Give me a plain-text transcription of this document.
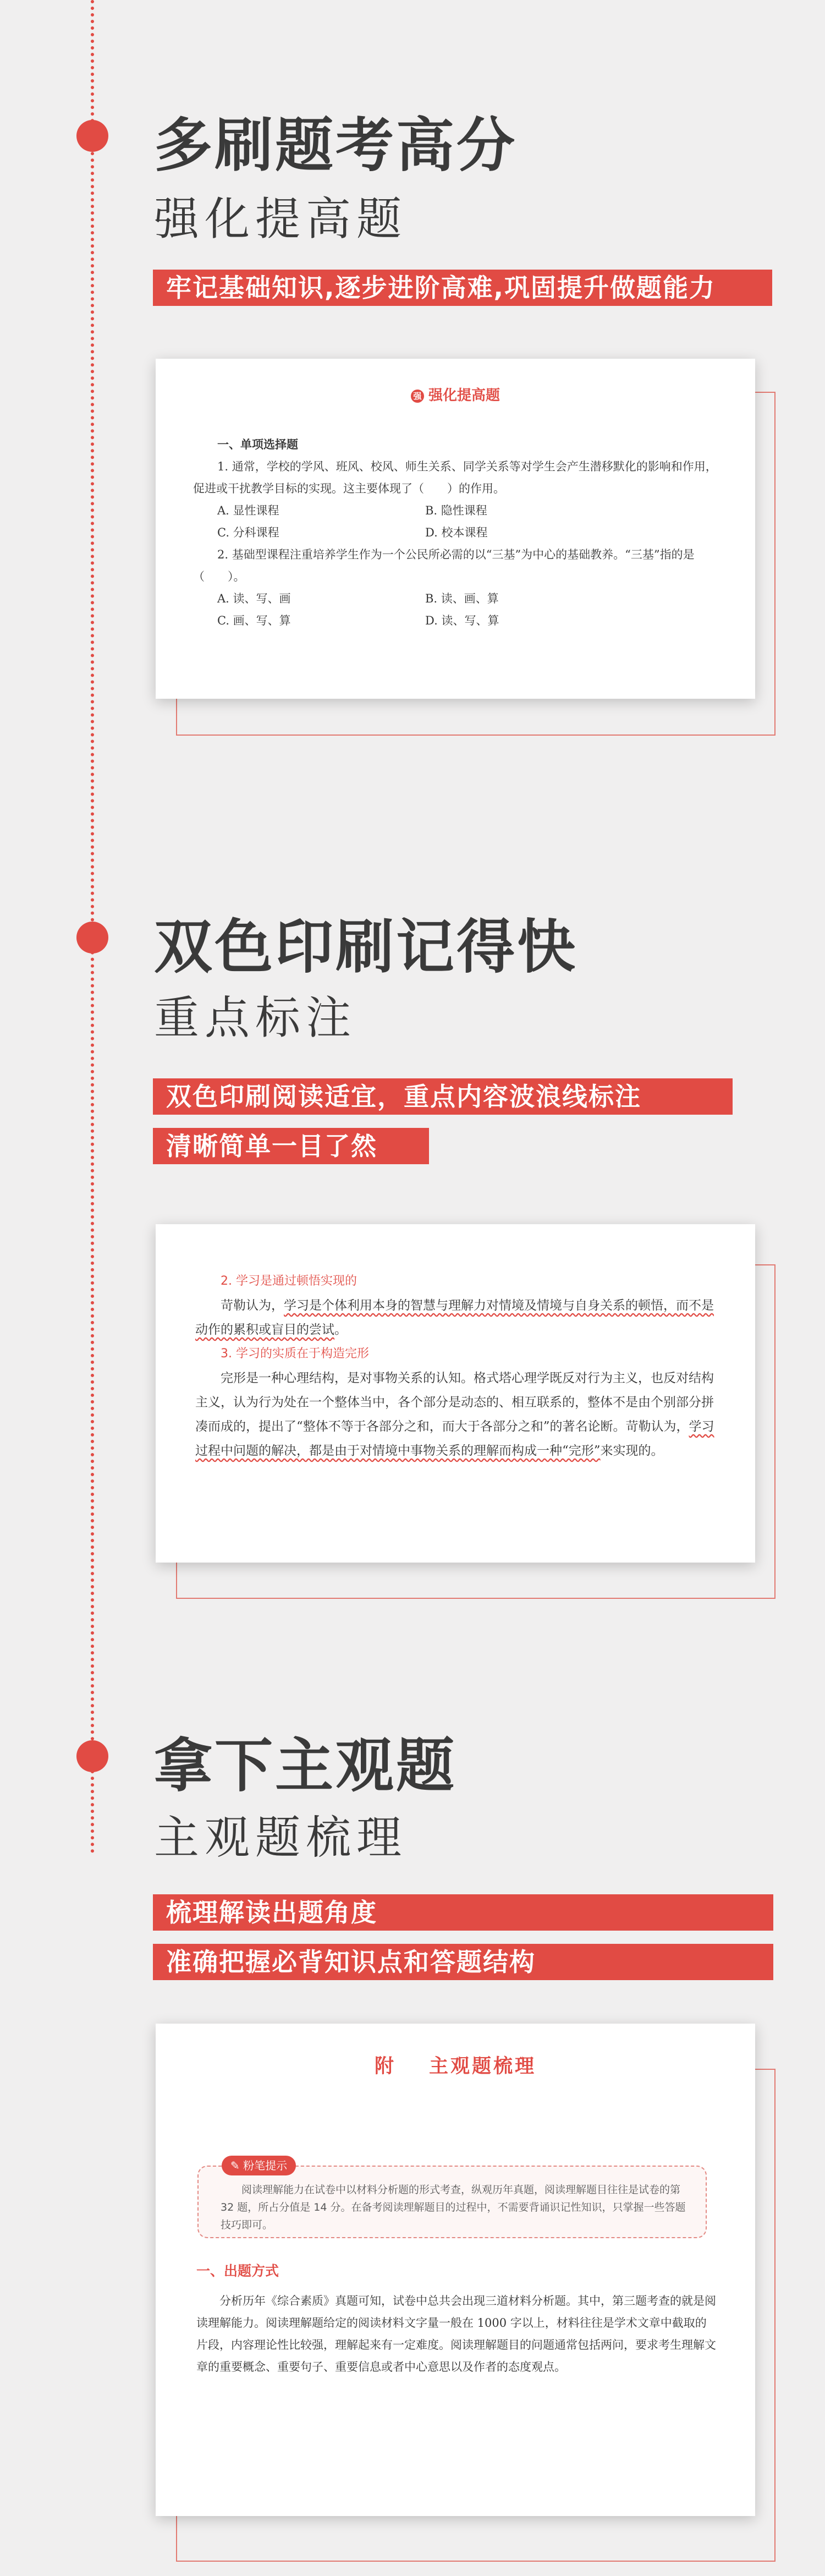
多刷题考高分
强化提高题
牢记基础知识,逐步进阶高难,巩固提升做题能力
强 强化提高题
一、单项选择题

1. 通常，学校的学风、班风、校风、师生关系、同学关系等对学生会产生潜移默化的影响和作用，促进或干扰教学目标的实现。这主要体现了（　　）的作用。

A. 显性课程	B. 隐性课程
C. 分科课程	D. 校本课程

2. 基础型课程注重培养学生作为一个公民所必需的以“三基”为中心的基础教养。“三基”指的是（　　）。

A. 读、写、画	B. 读、画、算
C. 画、写、算	D. 读、写、算
双色印刷记得快
重点标注
双色印刷阅读适宜，重点内容波浪线标注
清晰简单一目了然
2. 学习是通过顿悟实现的

苛勒认为，学习是个体利用本身的智慧与理解力对情境及情境与自身关系的顿悟，而不是动作的累积或盲目的尝试。

3. 学习的实质在于构造完形

完形是一种心理结构，是对事物关系的认知。格式塔心理学既反对行为主义，也反对结构主义，认为行为处在一个整体当中，各个部分是动态的、相互联系的，整体不是由个别部分拼凑而成的，提出了“整体不等于各部分之和，而大于各部分之和”的著名论断。苛勒认为，学习过程中问题的解决，都是由于对情境中事物关系的理解而构成一种“完形”来实现的。

拿下主观题
主观题梳理
梳理解读出题角度
准确把握必背知识点和答题结构
附 主观题梳理
✎ 粉笔提示
阅读理解能力在试卷中以材料分析题的形式考查，纵观历年真题，阅读理解题目往往是试卷的第 32 题，所占分值是 14 分。在备考阅读理解题目的过程中，不需要背诵识记性知识，只掌握一些答题技巧即可。
一、出题方式

分析历年《综合素质》真题可知，试卷中总共会出现三道材料分析题。其中，第三题考查的就是阅读理解能力。阅读理解题给定的阅读材料文字量一般在 1000 字以上，材料往往是学术文章中截取的片段，内容理论性比较强，理解起来有一定难度。阅读理解题目的问题通常包括两问，要求考生理解文章的重要概念、重要句子、重要信息或者中心意思以及作者的态度观点。
